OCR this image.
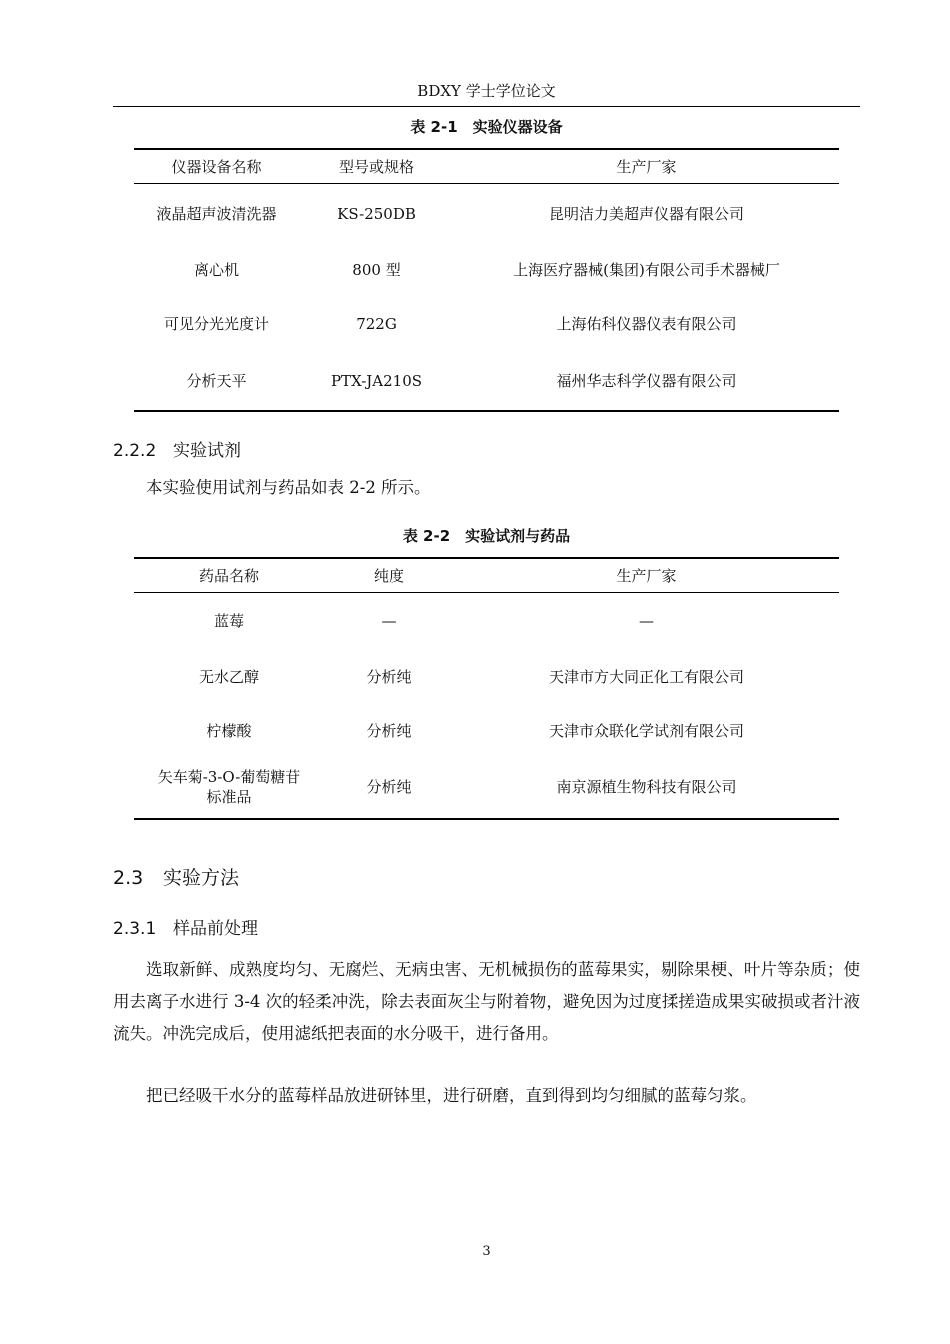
BDXY 学士学位论文
表 2-1　实验仪器设备
仪器设备名称	型号或规格	生产厂家
液晶超声波清洗器	KS-250DB	昆明洁力美超声仪器有限公司
离心机	800 型	上海医疗器械(集团)有限公司手术器械厂
可见分光光度计	722G	上海佑科仪器仪表有限公司
分析天平	PTX-JA210S	福州华志科学仪器有限公司
2.2.2 实验试剂

本实验使用试剂与药品如表 2-2 所示。

表 2-2　实验试剂与药品
药品名称	纯度	生产厂家
蓝莓	—	—
无水乙醇	分析纯	天津市方大同正化工有限公司
柠檬酸	分析纯	天津市众联化学试剂有限公司
矢车菊-3-O-葡萄糖苷标准品	分析纯	南京源植生物科技有限公司
2.3 实验方法
2.3.1 样品前处理

选取新鲜、成熟度均匀、无腐烂、无病虫害、无机械损伤的蓝莓果实，剔除果梗、叶片等杂质；使用去离子水进行 3-4 次的轻柔冲洗，除去表面灰尘与附着物，避免因为过度揉搓造成果实破损或者汁液流失。冲洗完成后，使用滤纸把表面的水分吸干，进行备用。

把已经吸干水分的蓝莓样品放进研钵里，进行研磨，直到得到均匀细腻的蓝莓匀浆。

3
